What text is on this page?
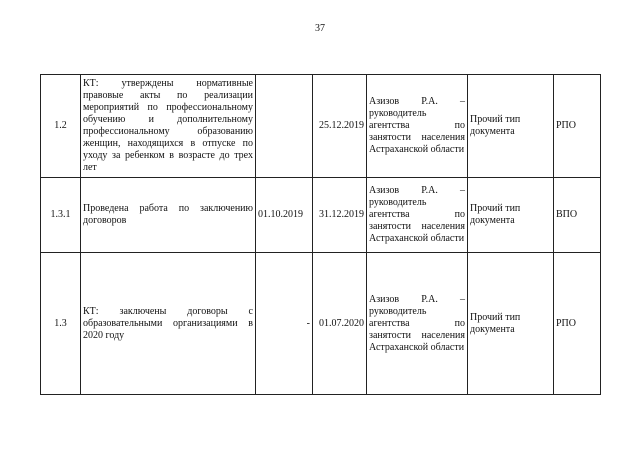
37
1.2	КТ: утверждены нормативные правовые акты по реализации мероприятий по профессиональному обучению и дополнительному профессиональному образованию женщин, находящихся в отпуске по уходу за ребенком в возрасте до трех лет		25.12.2019	Азизов Р.А. – руководитель агентства по занятости населения Астраханской области	Прочий тип документа	РПО
1.3.1	Проведена работа по заключению договоров	01.10.2019	31.12.2019	Азизов Р.А. – руководитель агентства по занятости населения Астраханской области	Прочий тип документа	ВПО
1.3	КТ: заключены договоры с образовательными организациями в 2020 году	-	01.07.2020	Азизов Р.А. – руководитель агентства по занятости населения Астраханской области	Прочий тип документа	РПО
